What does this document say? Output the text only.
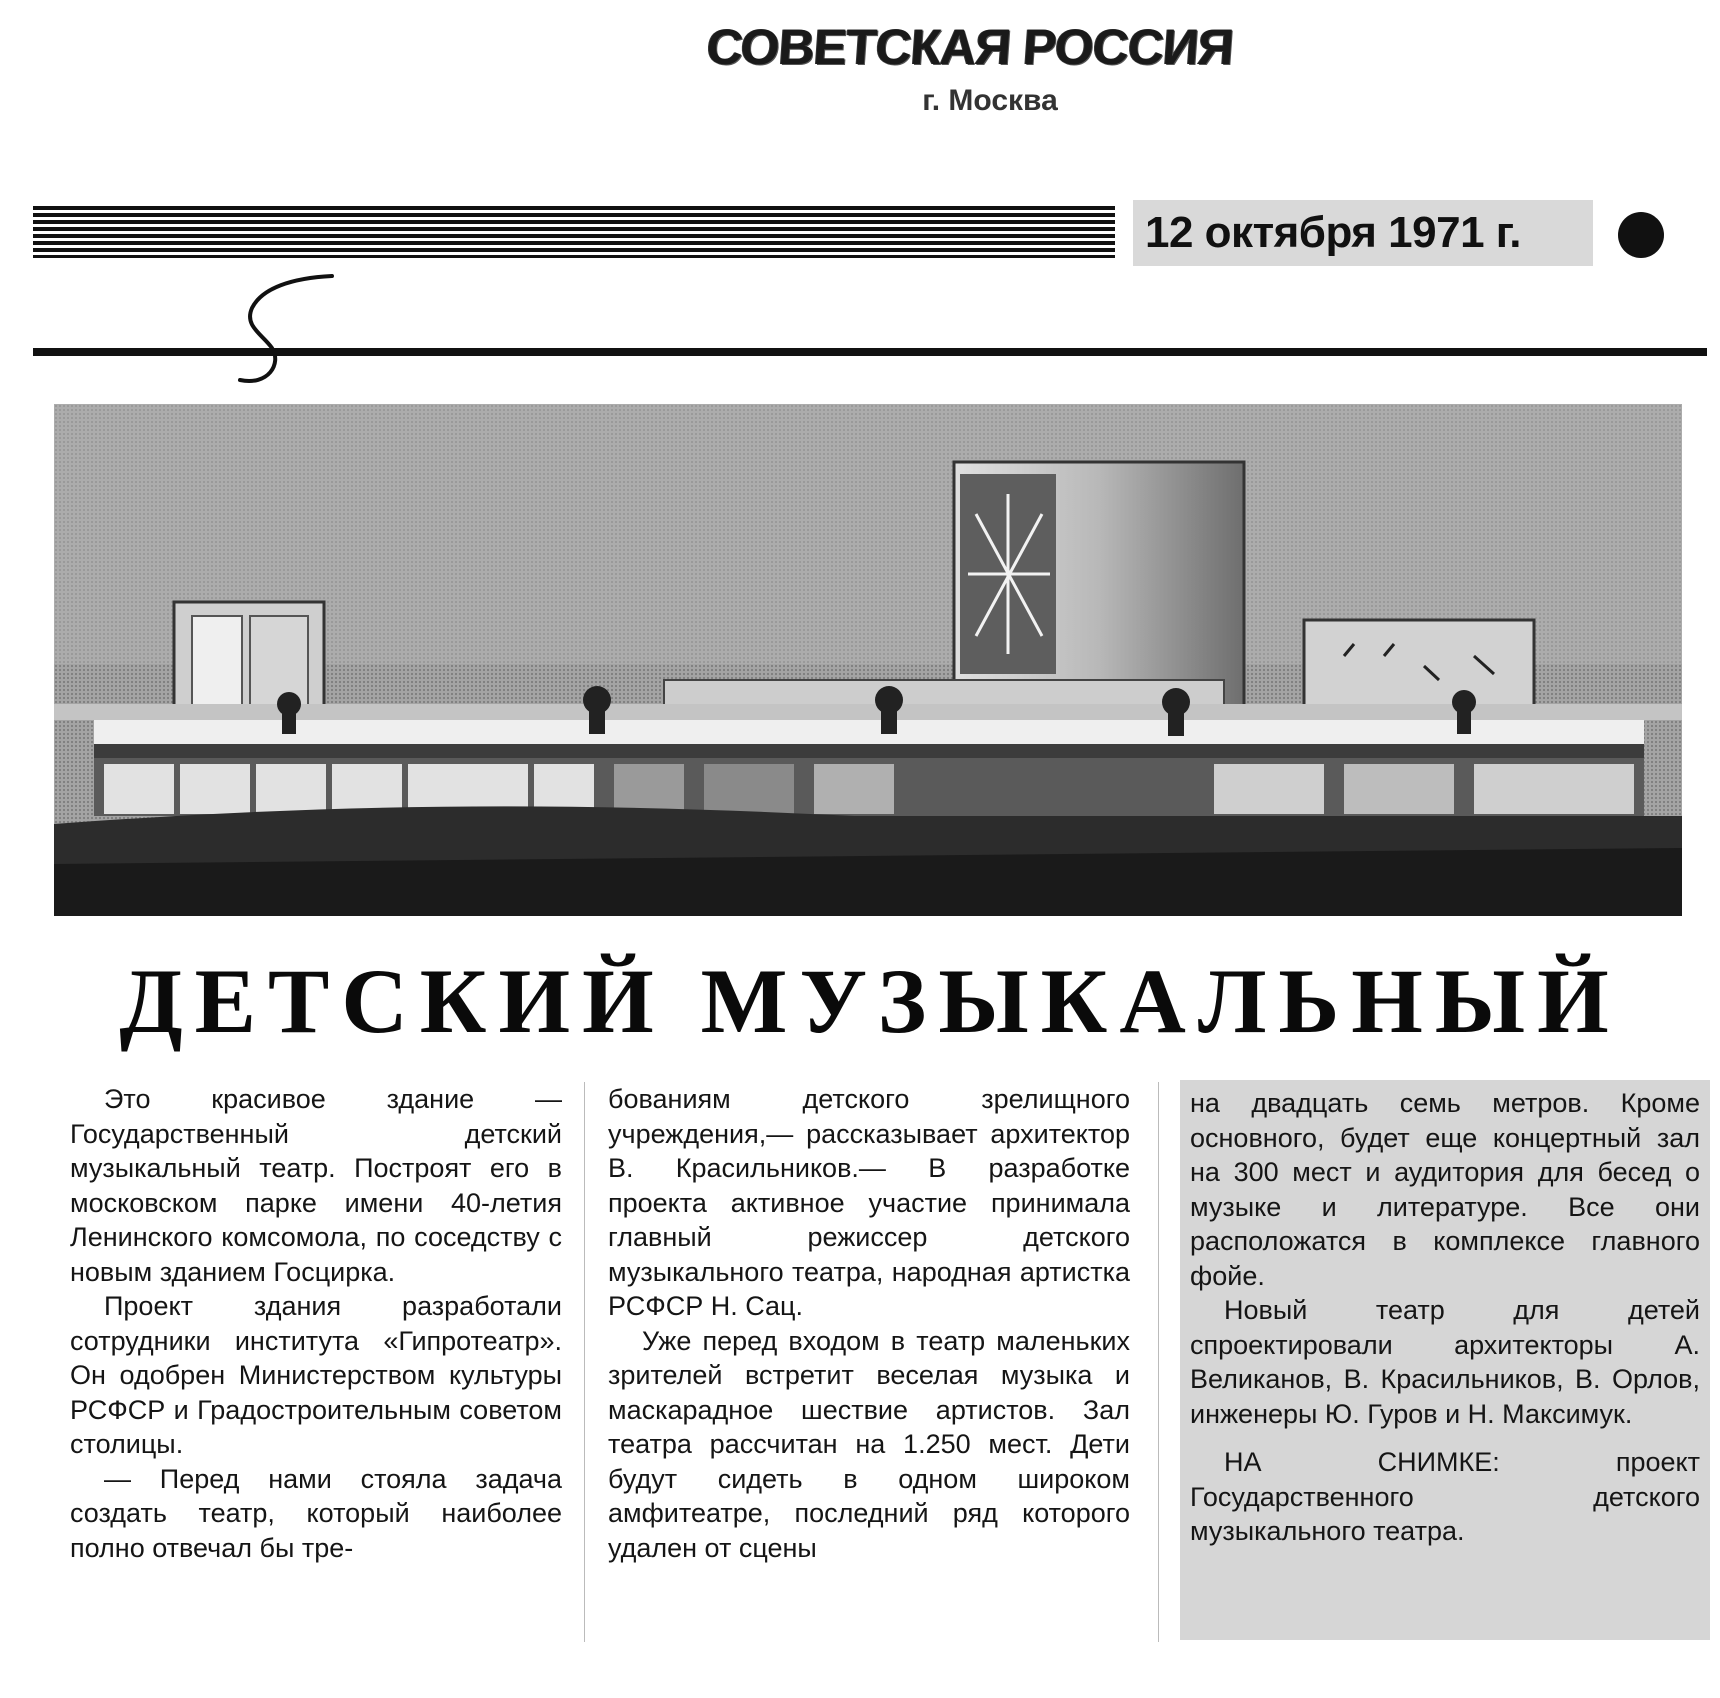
СОВЕТСКАЯ РОССИЯ
г. Москва
12 октября 1971 г.
ДЕТСКИЙ МУЗЫКАЛЬНЫЙ

Это красивое здание — Государственный детский музыкальный театр. Построят его в московском парке имени 40-летия Ленинского комсомола, по соседству с новым зданием Госцирка.

Проект здания разработали сотрудники института «Гипротеатр». Он одобрен Министерством культуры РСФСР и Градостроительным советом столицы.

— Перед нами стояла задача создать театр, который наиболее полно отвечал бы тре-

бованиям детского зрелищного учреждения,— рассказывает архитектор В. Красильников.— В разработке проекта активное участие принимала главный режиссер детского музыкального театра, народная артистка РСФСР Н. Сац.

Уже перед входом в театр маленьких зрителей встретит веселая музыка и маскарадное шествие артистов. Зал театра рассчитан на 1.250 мест. Дети будут сидеть в одном широком амфитеатре, последний ряд которого удален от сцены

на двадцать семь метров. Кроме основного, будет еще концертный зал на 300 мест и аудитория для бесед о музыке и литературе. Все они расположатся в комплексе главного фойе.

Новый театр для детей спроектировали архитекторы А. Великанов, В. Красильников, В. Орлов, инженеры Ю. Гуров и Н. Максимук.

НА СНИМКЕ: проект Государственного детского музыкального театра.
